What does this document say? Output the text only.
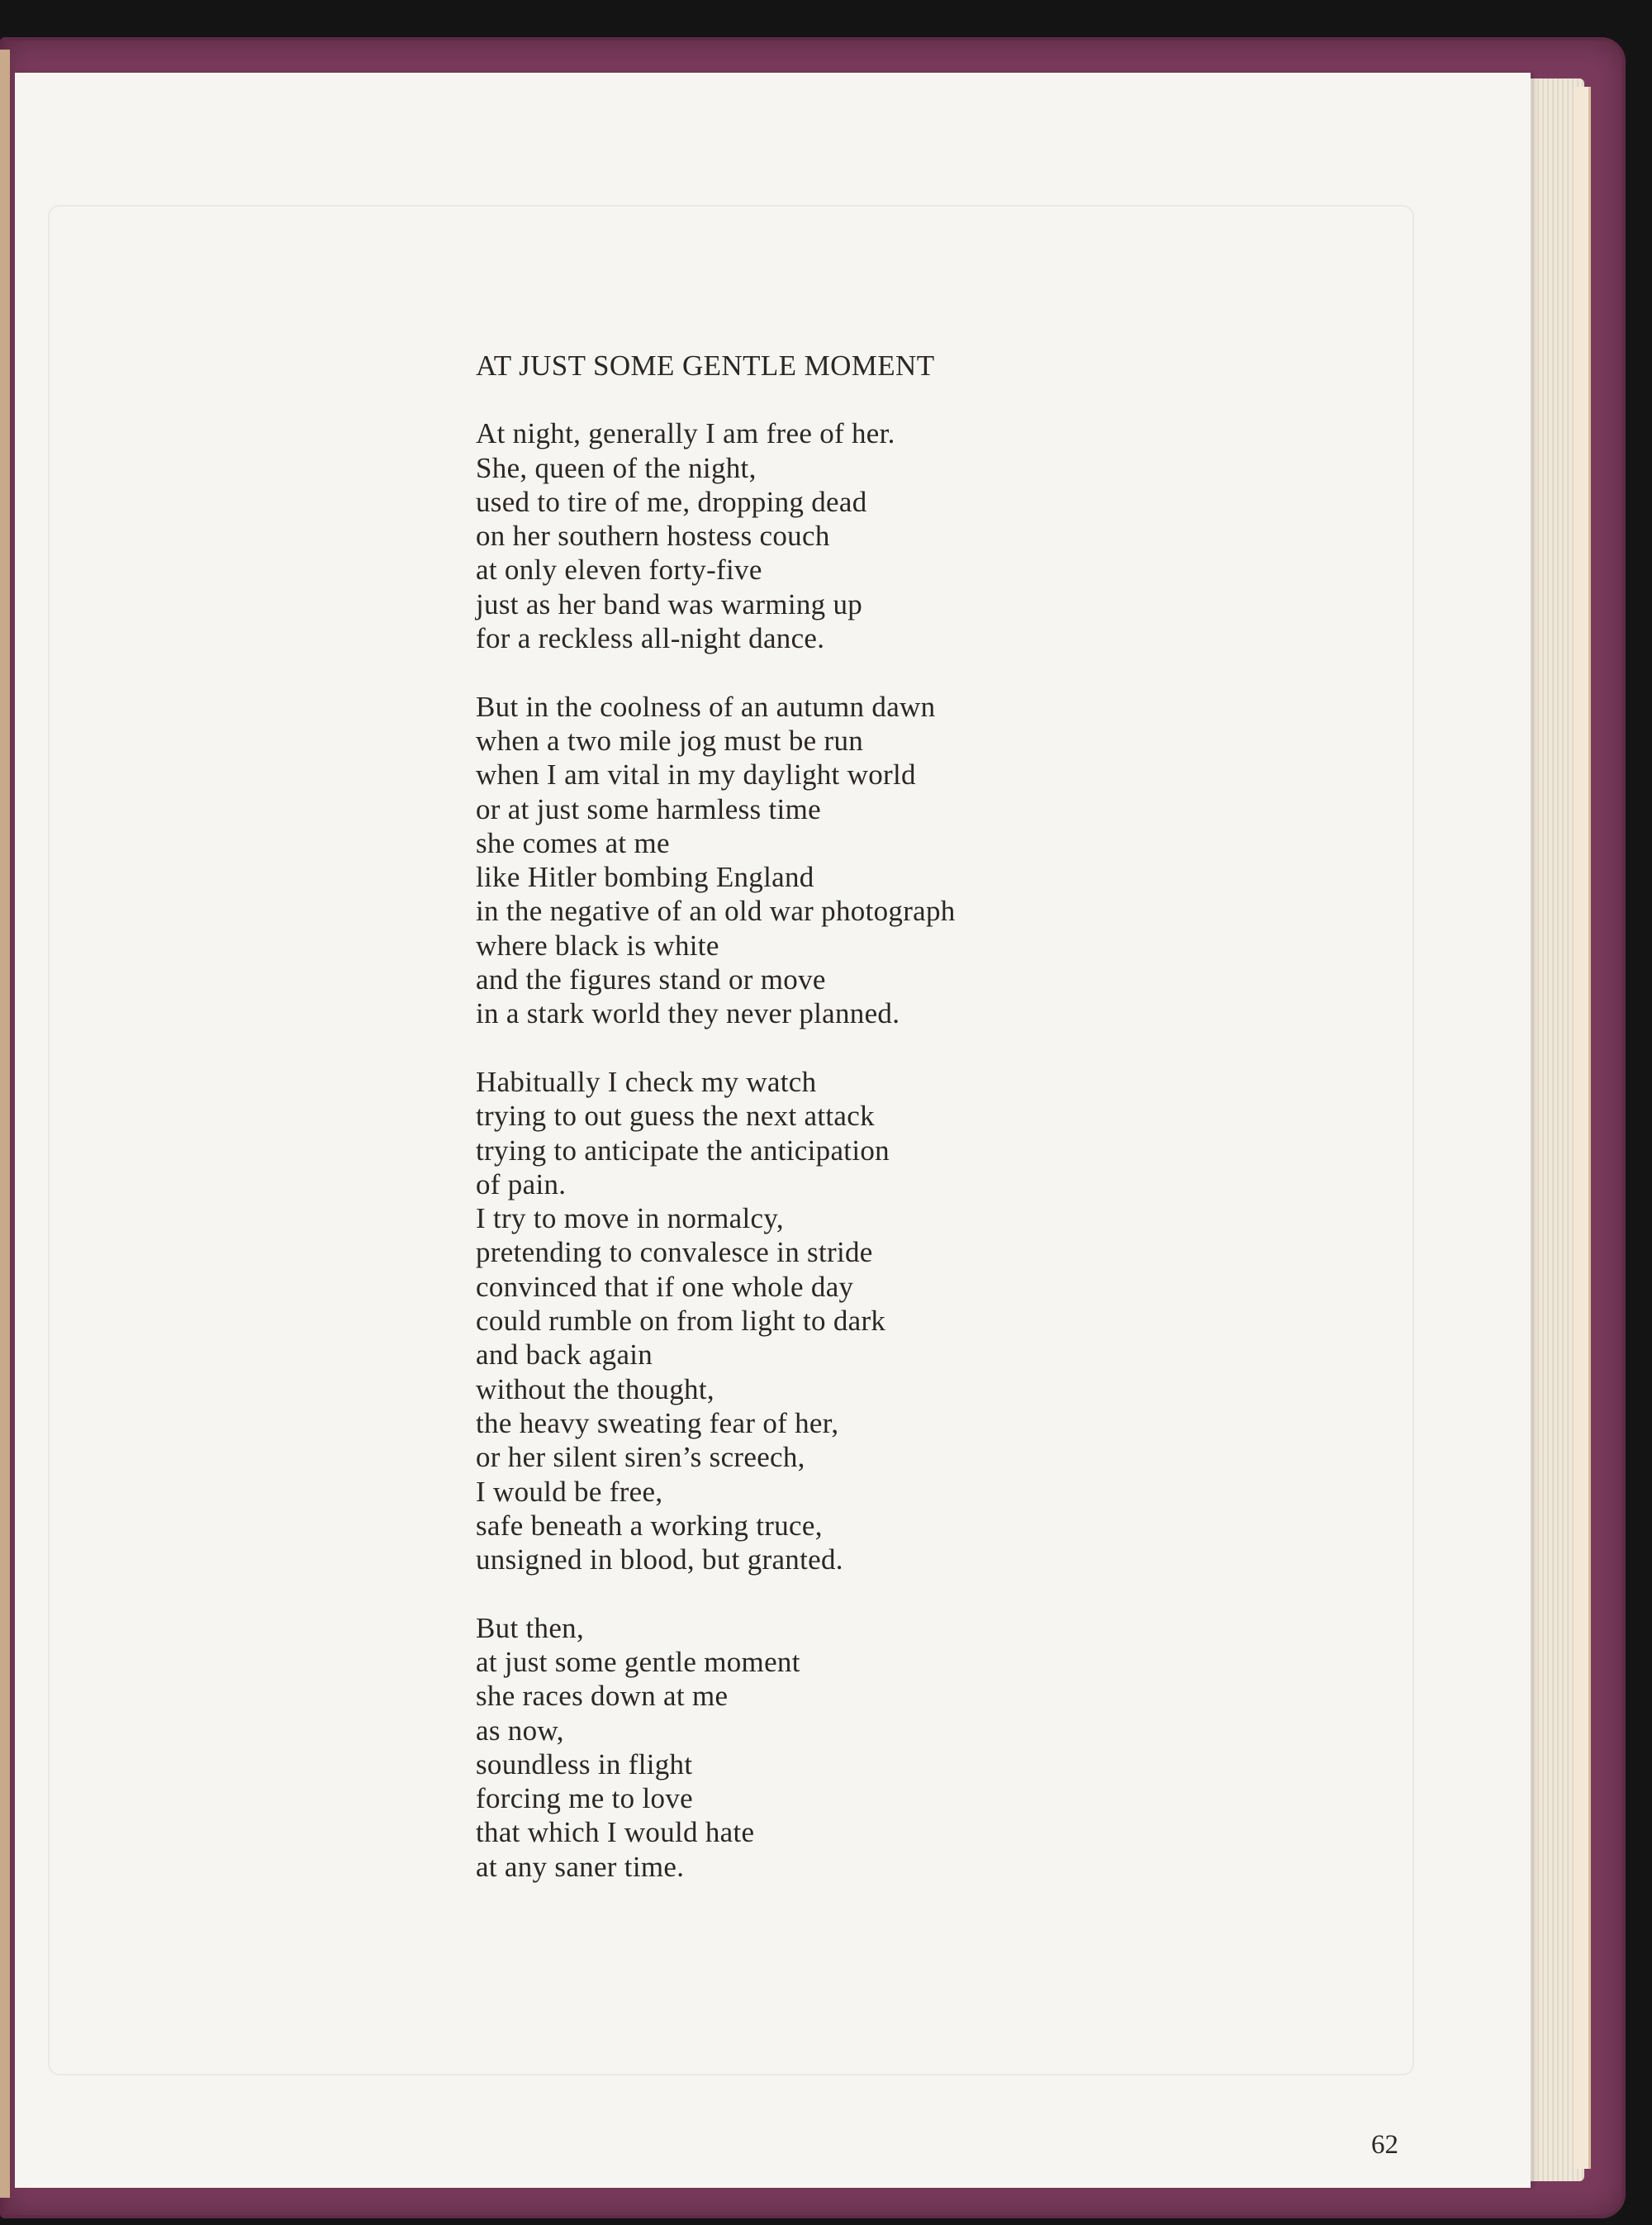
AT JUST SOME GENTLE MOMENT
At night, generally I am free of her.
She, queen of the night,
used to tire of me, dropping dead
on her southern hostess couch
at only eleven forty-five
just as her band was warming up
for a reckless all-night dance.
But in the coolness of an autumn dawn
when a two mile jog must be run
when I am vital in my daylight world
or at just some harmless time
she comes at me
like Hitler bombing England
in the negative of an old war photograph
where black is white
and the figures stand or move
in a stark world they never planned.
Habitually I check my watch
trying to out guess the next attack
trying to anticipate the anticipation
of pain.
I try to move in normalcy,
pretending to convalesce in stride
convinced that if one whole day
could rumble on from light to dark
and back again
without the thought,
the heavy sweating fear of her,
or her silent siren’s screech,
I would be free,
safe beneath a working truce,
unsigned in blood, but granted.
But then,
at just some gentle moment
she races down at me
as now,
soundless in flight
forcing me to love
that which I would hate
at any saner time.
62
